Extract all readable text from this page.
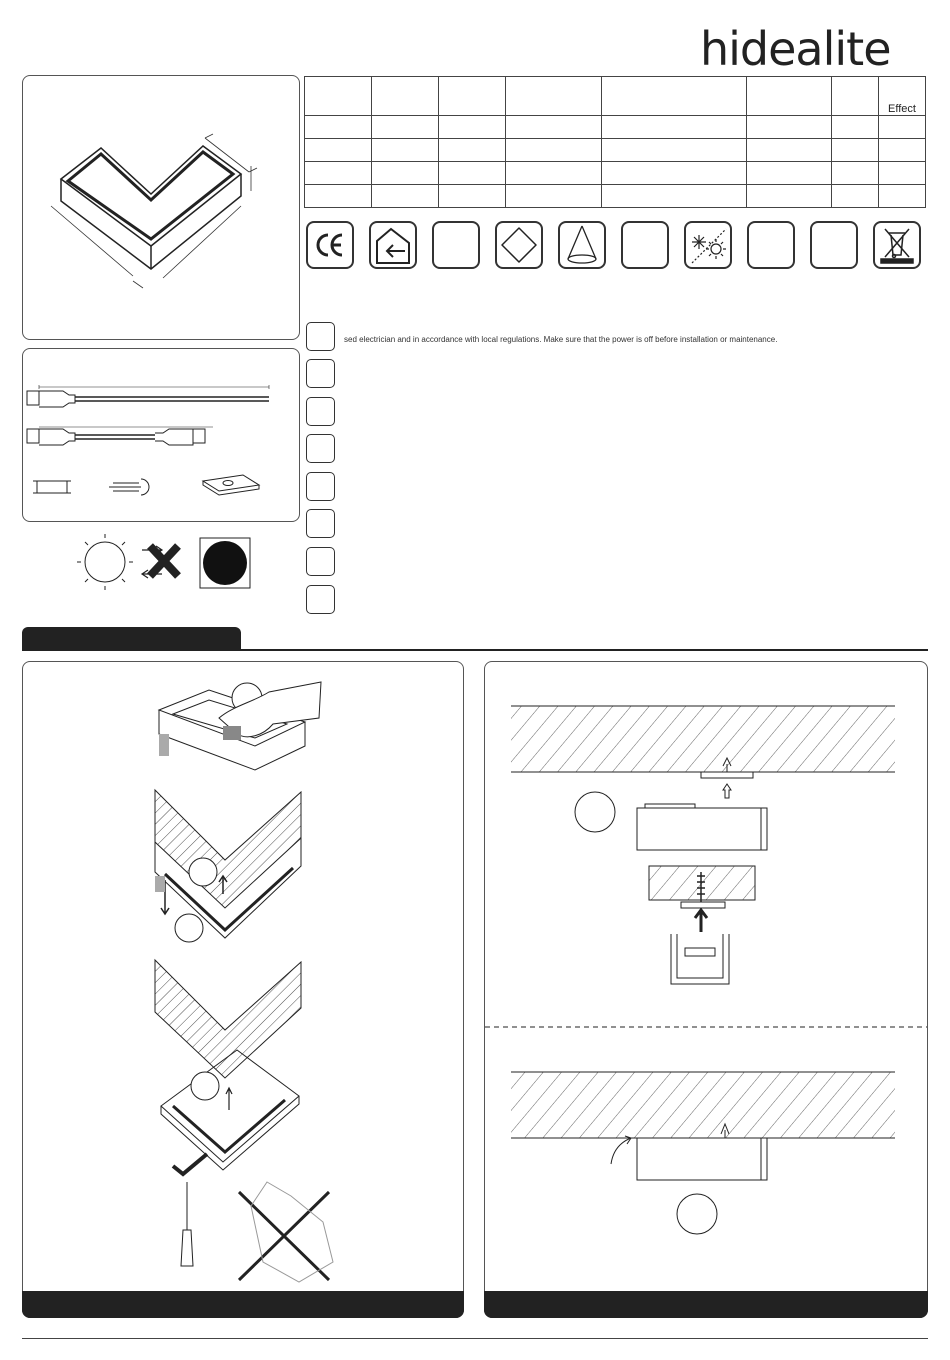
hidealite
							Effect

sed electrician and in accordance with local regulations. Make sure that the power is off before installation or maintenance.
